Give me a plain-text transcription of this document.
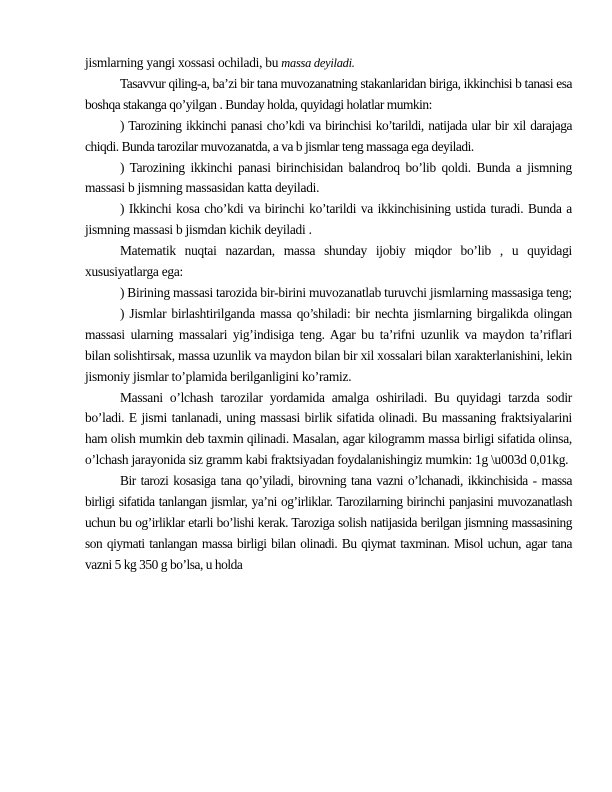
jismlarning yangi xossasi ochiladi, bu massa deyiladi.

Tasavvur qiling-a, ba’zi bir tana muvozanatning stakanlaridan biriga, ikkinchisi b tanasi esa boshqa stakanga qo’yilgan . Bunday holda, quyidagi holatlar mumkin:

) Tarozining ikkinchi panasi cho’kdi va birinchisi ko’tarildi, natijada ular bir xil darajaga chiqdi. Bunda tarozilar muvozanatda, a va b jismlar teng massaga ega deyiladi.

) Tarozining ikkinchi panasi birinchisidan balandroq bo’lib qoldi. Bunda a jismning massasi b jismning massasidan katta deyiladi.

) Ikkinchi kosa cho’kdi va birinchi ko’tarildi va ikkinchisining ustida turadi. Bunda a jismning massasi b jismdan kichik deyiladi .

Matematik nuqtai nazardan, massa shunday ijobiy miqdor bo’lib , u quyidagi xususiyatlarga ega:

) Birining massasi tarozida bir-birini muvozanatlab turuvchi jismlarning massasiga teng;

) Jismlar birlashtirilganda massa qo’shiladi: bir nechta jismlarning birgalikda olingan massasi ularning massalari yig’indisiga teng. Agar bu ta’rifni uzunlik va maydon ta’riflari bilan solishtirsak, massa uzunlik va maydon bilan bir xil xossalari bilan xarakterlanishini, lekin jismoniy jismlar to’plamida berilganligini ko’ramiz.

Massani o’lchash tarozilar yordamida amalga oshiriladi. Bu quyidagi tarzda sodir bo’ladi. E jismi tanlanadi, uning massasi birlik sifatida olinadi. Bu massaning fraktsiyalarini ham olish mumkin deb taxmin qilinadi. Masalan, agar kilogramm massa birligi sifatida olinsa, o’lchash jarayonida siz gramm kabi fraktsiyadan foydalanishingiz mumkin: 1g \u003d 0,01kg.

Bir tarozi kosasiga tana qo’yiladi, birovning tana vazni o’lchanadi, ikkinchisida - massa birligi sifatida tanlangan jismlar, ya’ni og’irliklar. Tarozilarning birinchi panjasini muvozanatlash uchun bu og’irliklar etarli bo’lishi kerak. Taroziga solish natijasida berilgan jismning massasining son qiymati tanlangan massa birligi bilan olinadi. Bu qiymat taxminan. Misol uchun, agar tana vazni 5 kg 350 g bo’lsa, u holda
